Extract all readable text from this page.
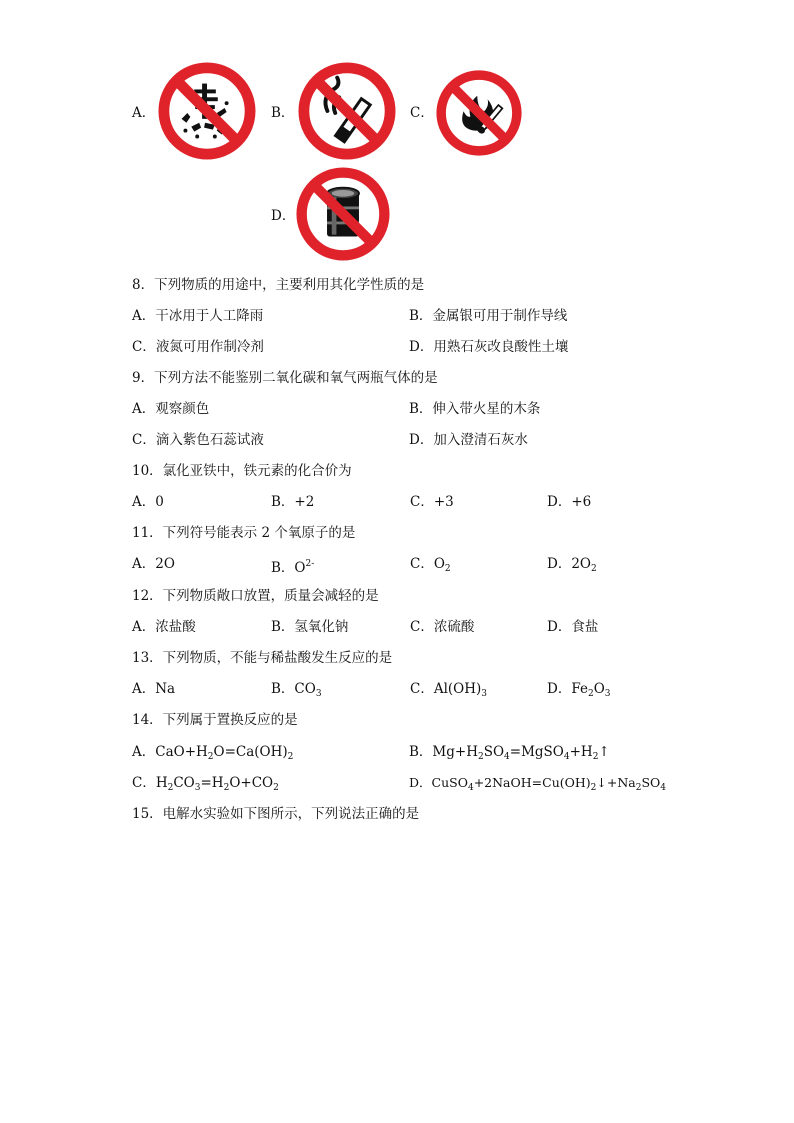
A．	B．	C．
D．
8．下列物质的用途中，主要利用其化学性质的是
A．干冰用于人工降雨	B．金属银可用于制作导线
C．液氮可用作制冷剂	D．用熟石灰改良酸性土壤
9．下列方法不能鉴别二氧化碳和氧气两瓶气体的是
A．观察颜色	B．伸入带火星的木条
C．滴入紫色石蕊试液	D．加入澄清石灰水
10．氯化亚铁中，铁元素的化合价为
A．0	B．+2	C．+3	D．+6
11．下列符号能表示 2 个氧原子的是
A．2O	B．$O^{2-}$	C．$O_2$	D．$2O_2$
12．下列物质敞口放置，质量会减轻的是
A．浓盐酸	B．氢氧化钠	C．浓硫酸	D．食盐
13．下列物质，不能与稀盐酸发生反应的是
A．Na	B．$CO_3$	C．$Al(OH)_3$	D．$Fe_2O_3$
14．下列属于置换反应的是
A．$CaO+H_2O=Ca(OH)_2$	B．$Mg+H_2SO_4=MgSO_4+H_2↑$
C．$H_2CO_3=H_2O+CO_2$	D．$CuSO_4+2NaOH=Cu(OH)_2↓+Na_2SO_4$
15．电解水实验如下图所示，下列说法正确的是
